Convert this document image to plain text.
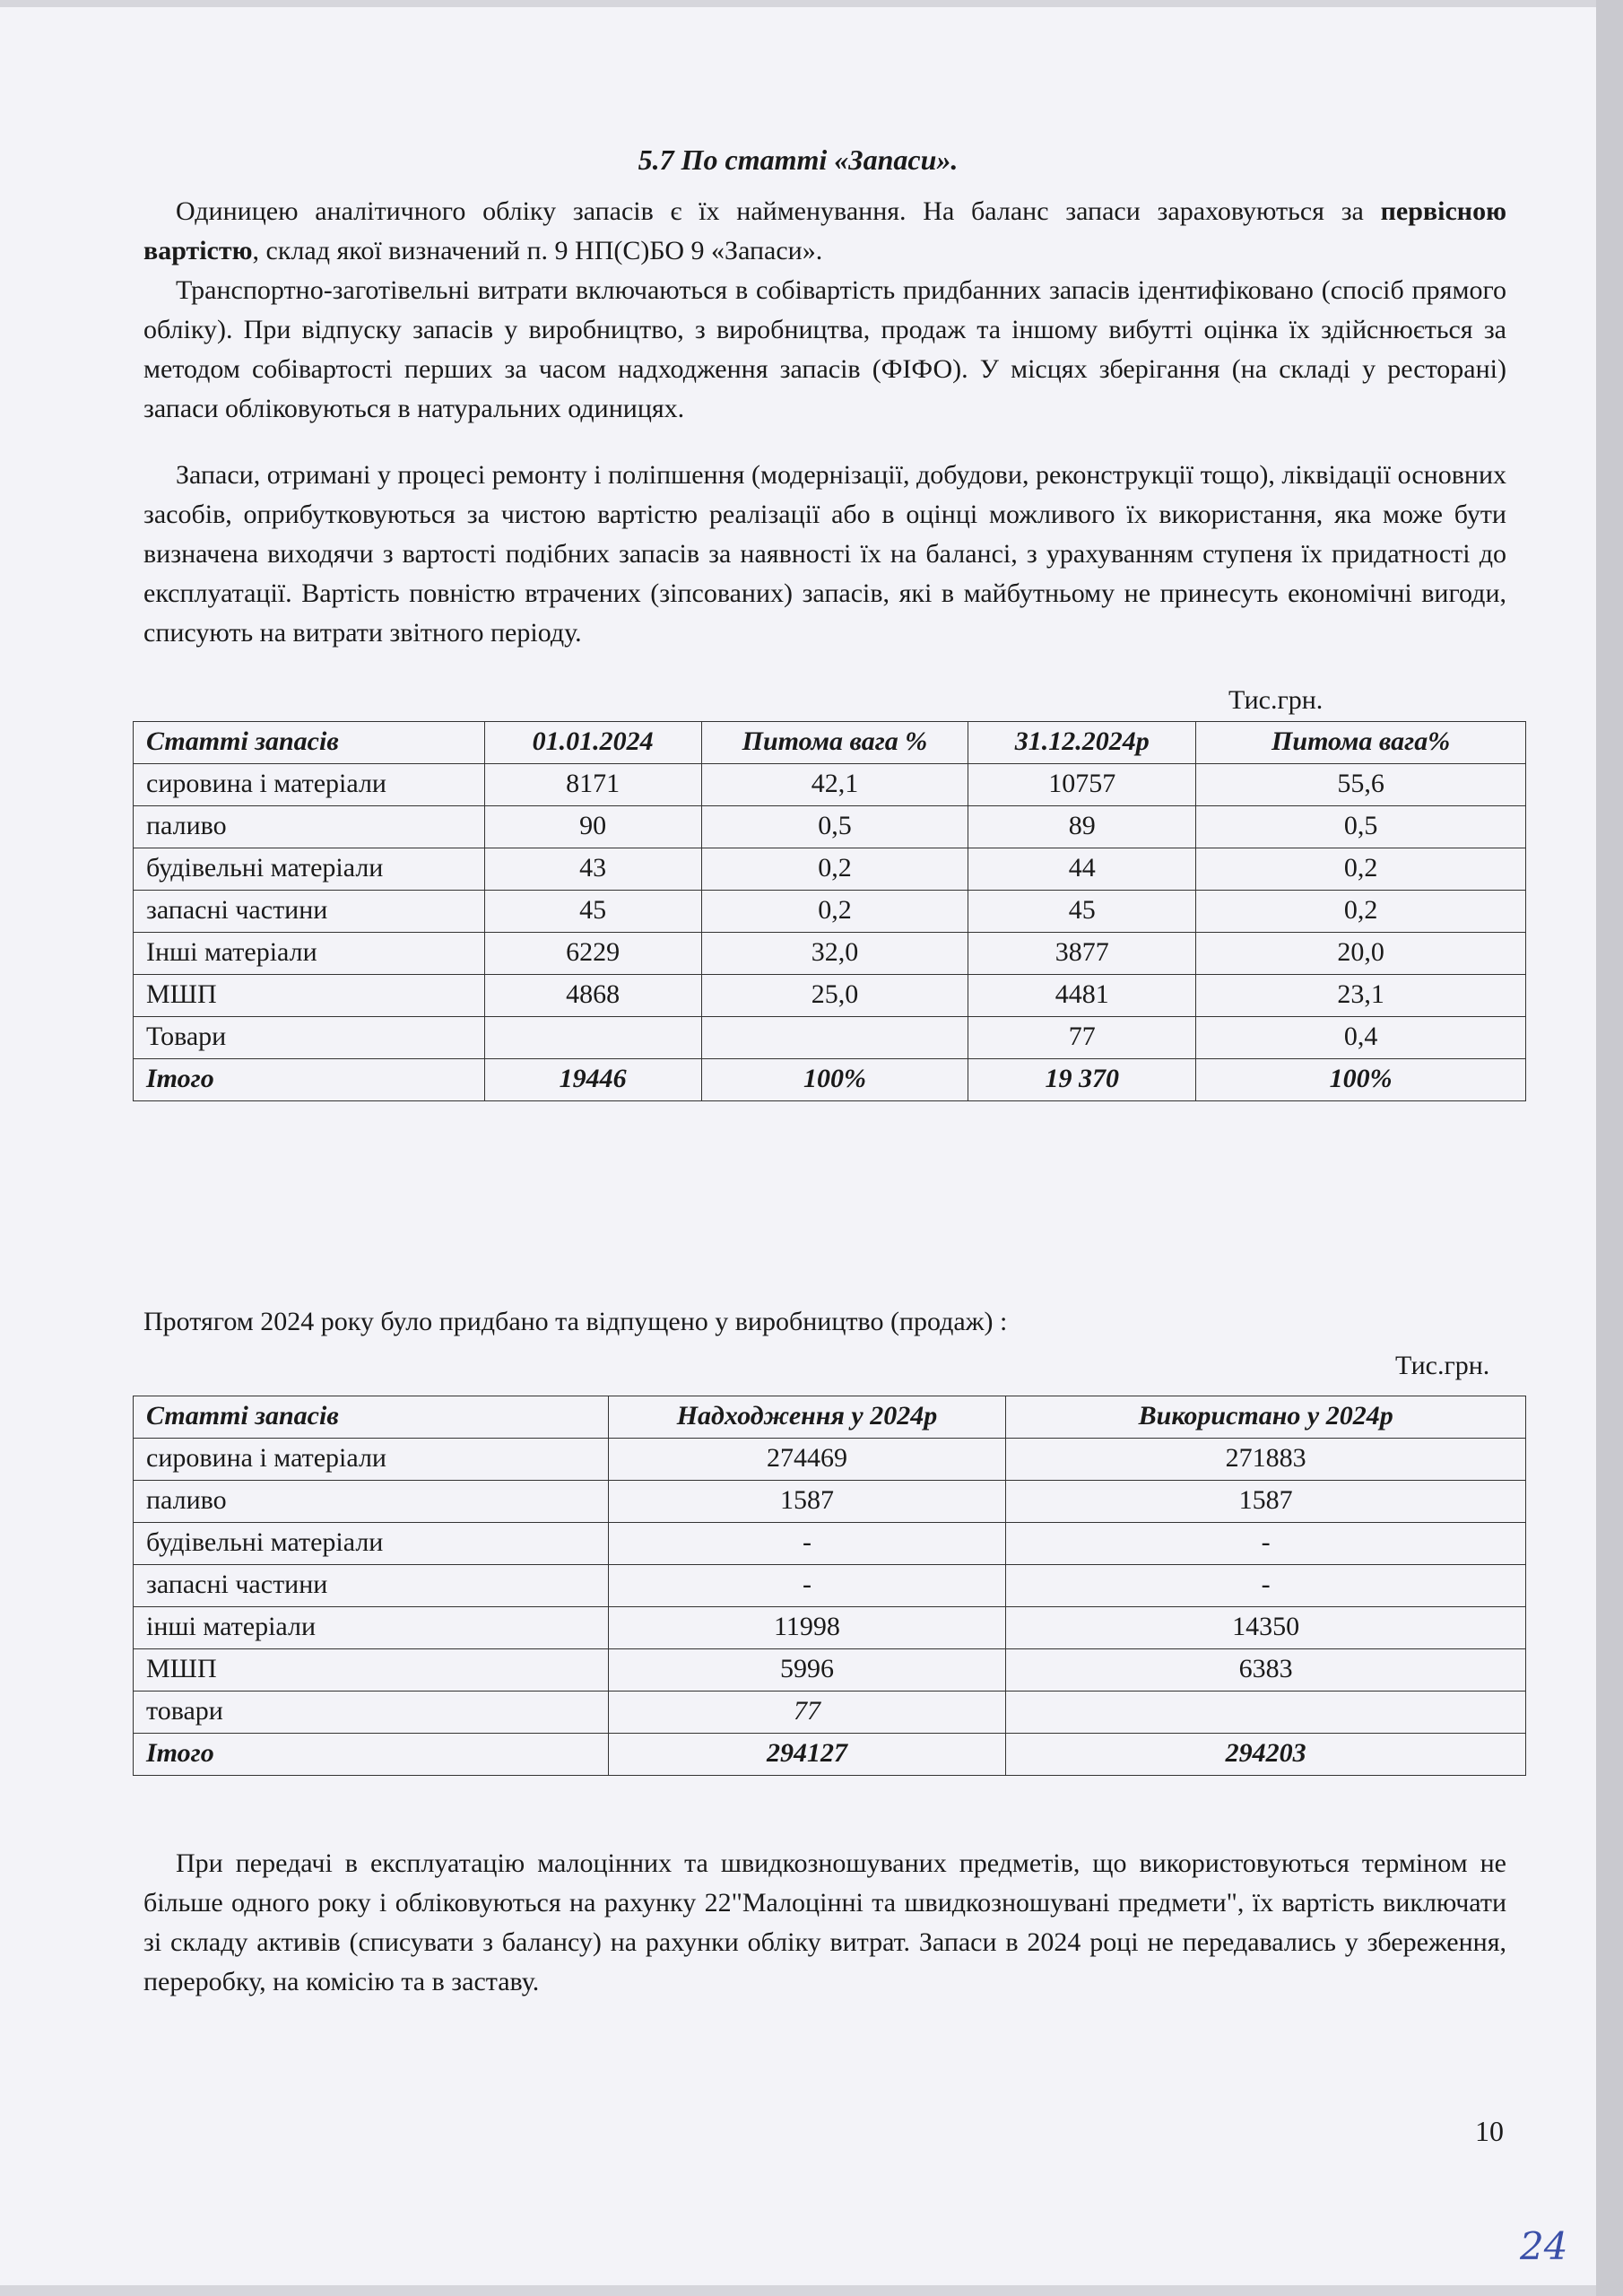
5.7 По статті «Запаси».
Одиницею аналітичного обліку запасів є їх найменування. На баланс запаси зараховуються за первісною вартістю, склад якої визначений п. 9 НП(С)БО 9 «Запаси».
Транспортно-заготівельні витрати включаються в собівартість придбанних запасів ідентифіковано (спосіб прямого обліку). При відпуску запасів у виробництво, з виробництва, продаж та іншому вибутті оцінка їх здійснюється за методом собівартості перших за часом надходження запасів (ФІФО). У місцях зберігання (на складі у ресторані) запаси обліковуються в натуральних одиницях.
Запаси, отримані у процесі ремонту і поліпшення (модернізації, добудови, реконструкції тощо), ліквідації основних засобів, оприбутковуються за чистою вартістю реалізації або в оцінці можливого їх використання, яка може бути визначена виходячи з вартості подібних запасів за наявності їх на балансі, з урахуванням ступеня їх придатності до експлуатації. Вартість повністю втрачених (зіпсованих) запасів, які в майбутньому не принесуть економічні вигоди, списують на витрати звітного періоду.
Тис.грн.
Статті запасів	01.01.2024	Питома вага %	31.12.2024р	Питома вага%
сировина і матеріали	8171	42,1	10757	55,6
паливо	90	0,5	89	0,5
будівельні матеріали	43	0,2	44	0,2
запасні частини	45	0,2	45	0,2
Інші матеріали	6229	32,0	3877	20,0
МШП	4868	25,0	4481	23,1
Товари			77	0,4
Ітого	19446	100%	19 370	100%
Протягом 2024 року було придбано та відпущено у виробництво (продаж) :
Тис.грн.
Статті запасів	Надходження у 2024р	Використано у 2024р
сировина і матеріали	274469	271883
паливо	1587	1587
будівельні матеріали	-	-
запасні частини	-	-
інші матеріали	11998	14350
МШП	5996	6383
товари	77	
Ітого	294127	294203
При передачі в експлуатацію малоцінних та швидкозношуваних предметів, що використовуються терміном не більше одного року і обліковуються на рахунку 22"Малоцінні та швидкозношувані предмети", їх вартість виключати зі складу активів (списувати з балансу) на рахунки обліку витрат. Запаси в 2024 році не передавались у збереження, переробку, на комісію та в заставу.
10
24
